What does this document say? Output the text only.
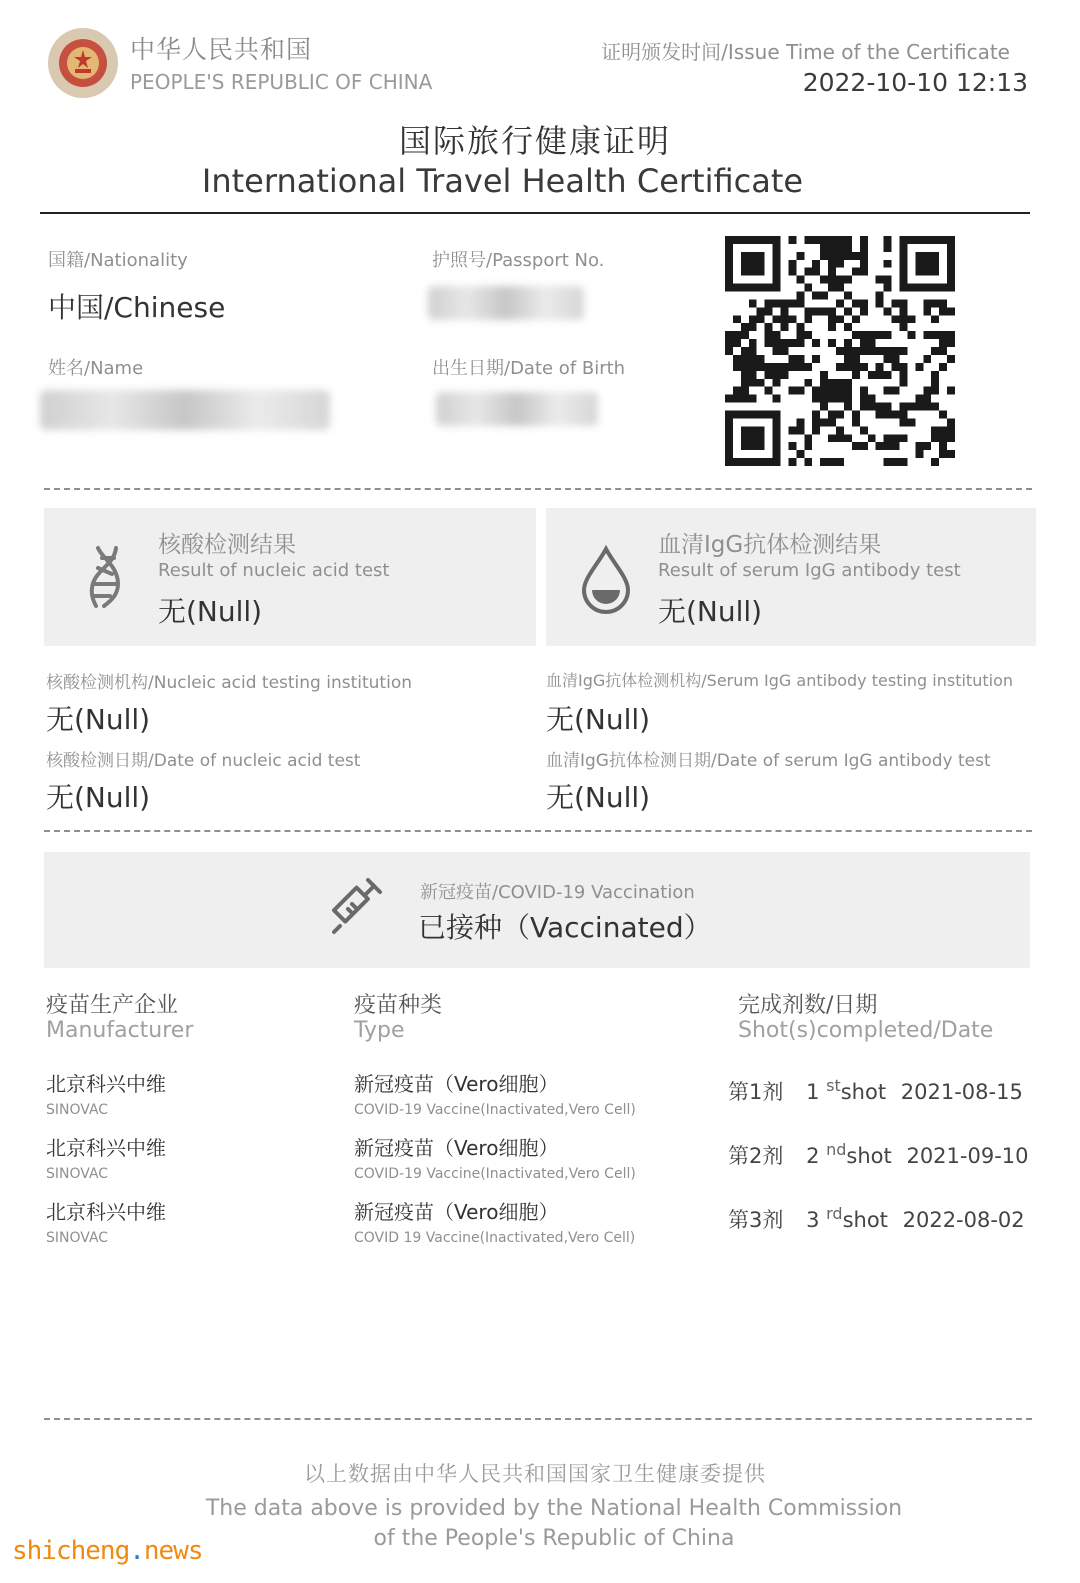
中华人民共和国
PEOPLE'S REPUBLIC OF CHINA
证明颁发时间/Issue Time of the Certificate
2022-10-10 12:13
国际旅行健康证明
International Travel Health Certificate
国籍/Nationality
中国/Chinese
护照号/Passport No.
姓名/Name	出生日期/Date of Birth
核酸检测结果
Result of nucleic acid test
无(Null)
血清IgG抗体检测结果
Result of serum IgG antibody test
无(Null)
核酸检测机构/Nucleic acid testing institution
无(Null)
核酸检测日期/Date of nucleic acid test
无(Null)
血清IgG抗体检测机构/Serum IgG antibody testing institution
无(Null)
血清IgG抗体检测日期/Date of serum IgG antibody test
无(Null)
新冠疫苗/COVID-19 Vaccination
已接种（Vaccinated）
疫苗生产企业
Manufacturer
疫苗种类
Type
完成剂数/日期
Shot(s)completed/Date
北京科兴中维
SINOVAC
新冠疫苗（Vero细胞）
COVID-19 Vaccine(Inactivated,Vero Cell)
第1剂 1 $^{st}$shot 2021-08-15
北京科兴中维
SINOVAC
新冠疫苗（Vero细胞）
COVID-19 Vaccine(Inactivated,Vero Cell)
第2剂 2 $^{nd}$shot 2021-09-10
北京科兴中维
SINOVAC
新冠疫苗（Vero细胞）
COVID 19 Vaccine(Inactivated,Vero Cell)
第3剂 3 $^{rd}$shot 2022-08-02
以上数据由中华人民共和国国家卫生健康委提供
The data above is provided by the National Health Commission
of the People's Republic of China
shicheng.news
